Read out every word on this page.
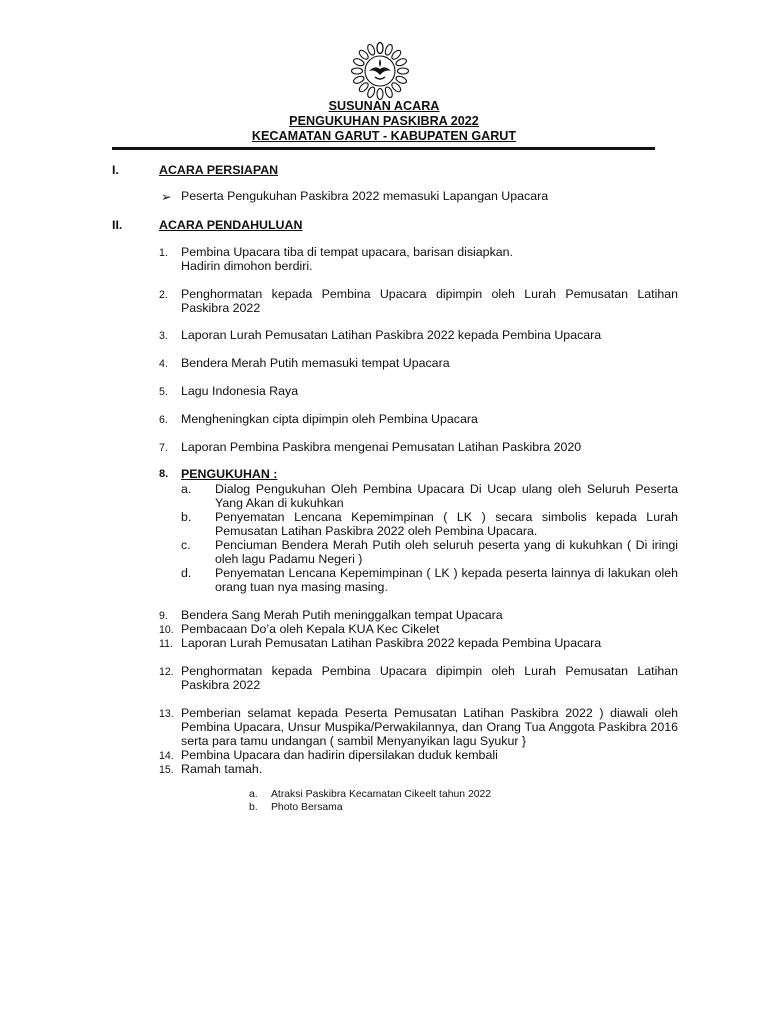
SUSUNAN ACARA
PENGUKUHAN PASKIBRA 2022
KECAMATAN GARUT - KABUPATEN GARUT
I.	ACARA PERSIAPAN
➢ Peserta Pengukuhan Paskibra 2022 memasuki Lapangan Upacara
II.	ACARA PENDAHULUAN
1. Pembina Upacara tiba di tempat upacara, barisan disiapkan.
Hadirin dimohon berdiri.
2. Penghormatan kepada Pembina Upacara dipimpin oleh Lurah Pemusatan Latihan
Paskibra 2022
3. Laporan Lurah Pemusatan Latihan Paskibra 2022 kepada Pembina Upacara
4. Bendera Merah Putih memasuki tempat Upacara
5. Lagu Indonesia Raya
6. Mengheningkan cipta dipimpin oleh Pembina Upacara
7. Laporan Pembina Paskibra mengenai Pemusatan Latihan Paskibra 2020
8. PENGUKUHAN :
a. Dialog Pengukuhan Oleh Pembina Upacara Di Ucap ulang oleh Seluruh Peserta
Yang Akan di kukuhkan
b. Penyematan Lencana Kepemimpinan ( LK ) secara simbolis kepada Lurah
Pemusatan Latihan Paskibra 2022 oleh Pembina Upacara.
c. Penciuman Bendera Merah Putih oleh seluruh peserta yang di kukuhkan ( Di iringi
oleh lagu Padamu Negeri )
d. Penyematan Lencana Kepemimpinan ( LK ) kepada peserta lainnya di lakukan oleh
orang tuan nya masing masing.
9. Bendera Sang Merah Putih meninggalkan tempat Upacara
10. Pembacaan Do’a oleh Kepala KUA Kec Cikelet
11. Laporan Lurah Pemusatan Latihan Paskibra 2022 kepada Pembina Upacara
12. Penghormatan kepada Pembina Upacara dipimpin oleh Lurah Pemusatan Latihan
Paskibra 2022
13. Pemberian selamat kepada Peserta Pemusatan Latihan Paskibra 2022 ) diawali oleh
Pembina Upacara, Unsur Muspika/Perwakilannya, dan Orang Tua Anggota Paskibra 2016
serta para tamu undangan ( sambil Menyanyikan lagu Syukur }
14. Pembina Upacara dan hadirin dipersilakan duduk kembali
15. Ramah tamah.
a. Atraksi Paskibra Kecamatan Cikeelt tahun 2022
b. Photo Bersama
